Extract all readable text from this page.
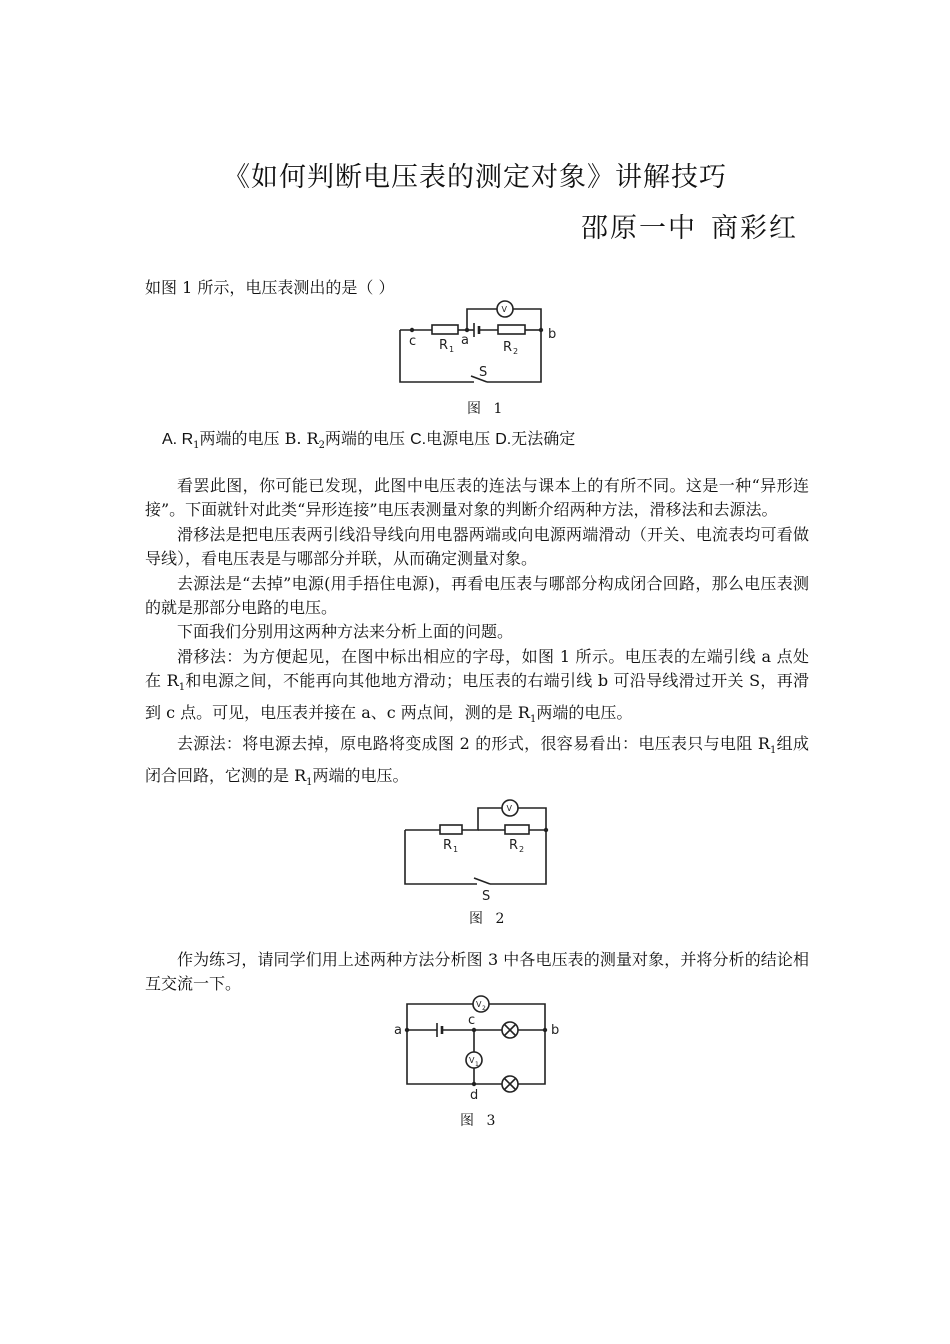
《如何判断电压表的测定对象》讲解技巧
邵原一中 商彩红
如图 1 所示，电压表测出的是（ ）
V
c	a	b
R 1	R 2
S
图 1
A. $R_1$两端的电压 B. $R_2$两端的电压 C.电源电压 D.无法确定

看罢此图，你可能已发现，此图中电压表的连法与课本上的有所不同。这是一种“异形连接”。下面就针对此类“异形连接”电压表测量对象的判断介绍两种方法，滑移法和去源法。

滑移法是把电压表两引线沿导线向用电器两端或向电源两端滑动（开关、电流表均可看做导线），看电压表是与哪部分并联，从而确定测量对象。

去源法是“去掉”电源(用手捂住电源)，再看电压表与哪部分构成闭合回路，那么电压表测的就是那部分电路的电压。

下面我们分别用这两种方法来分析上面的问题。

滑移法：为方便起见，在图中标出相应的字母，如图 1 所示。电压表的左端引线 a 点处在 $R_1$和电源之间，不能再向其他地方滑动；电压表的右端引线 b 可沿导线滑过开关 S，再滑到 c 点。可见，电压表并接在 a、c 两点间，测的是 $R_1$两端的电压。

去源法：将电源去掉，原电路将变成图 2 的形式，很容易看出：电压表只与电阻 $R_1$组成闭合回路，它测的是 $R_1$两端的电压。

V
R 1	R 2
S
图 2

作为练习，请同学们用上述两种方法分析图 3 中各电压表的测量对象，并将分析的结论相互交流一下。

V 2
V 1
a	b
c
d
图 3
